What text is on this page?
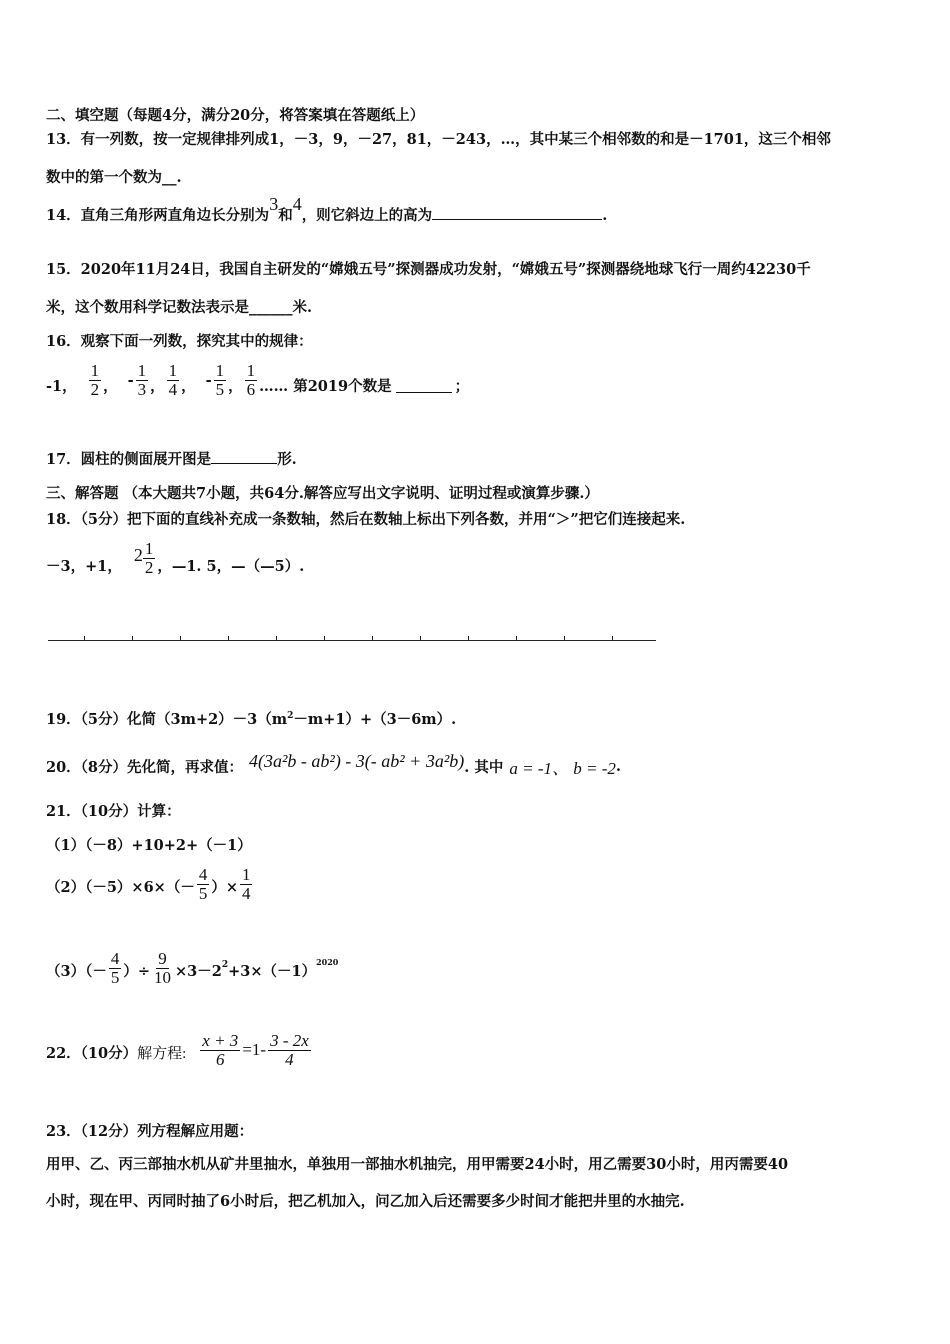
二、填空题（每题4分，满分20分，将答案填在答题纸上）
13．有一列数，按一定规律排列成1，－3，9，－27，81，－243，…，其中某三个相邻数的和是－1701，这三个相邻
数中的第一个数为__.
14．直角三角形两直角边长分别为3和4，则它斜边上的高为	.
15．2020年11月24日，我国自主研发的“嫦娥五号”探测器成功发射，“嫦娥五号”探测器绕地球飞行一周约42230千
米，这个数用科学记数法表示是______米.
16．观察下面一列数，探究其中的规律：
-1， $\frac{1}{2}$ ， - $\frac{1}{3}$ ， $\frac{1}{4}$ ， - $\frac{1}{5}$ ， $\frac{1}{6}$ …… 第2019个数是	；
17．圆柱的侧面展开图是	形.
三、解答题 （本大题共7小题，共64分.解答应写出文字说明、证明过程或演算步骤.）
18．（5分）把下面的直线补充成一条数轴，然后在数轴上标出下列各数，并用“＞”把它们连接起来.
－3，+1，
$2 \frac{1}{2}$ ，—1. 5，—（—5）.
19．（5分）化简$(3m+2)-3(m^2-m+1)+(3-6m)$.
20．（8分）先化简，再求值： 4(3a²b - ab²) - 3(- ab² + 3a²b) . 其中 a = -1、 b = -2 .
21．（10分）计算：
（1）（－8）+10+2+（－1）
$(2)(-5)\times 6\times(- \frac{4}{5}$ ）× $\frac{1}{4}$
$(3)(- \frac{4}{5}$ ）÷ $\frac{9}{10} \times 3-2$ 2 +3×（－1）
2020
22．（10分） 解方程: $\frac{x + 3}{6} =1- \frac{3 - 2x}{4}$
23．（12分）列方程解应用题：
用甲、乙、丙三部抽水机从矿井里抽水，单独用一部抽水机抽完，用甲需要24小时，用乙需要30小时，用丙需要40
小时，现在甲、丙同时抽了6小时后，把乙机加入，问乙加入后还需要多少时间才能把井里的水抽完.
